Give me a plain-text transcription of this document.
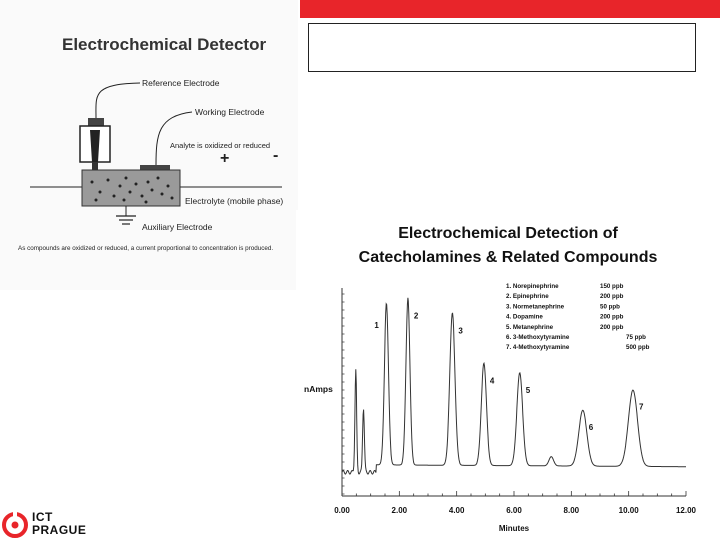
Electrochemical Detector
Reference Electrode
Working Electrode
Analyte is oxidized or reduced
+	-
Electrolyte (mobile phase)
Auxiliary Electrode
As compounds are oxidized or reduced, a current proportional to concentration is produced.
Electrochemical Detection of
Catecholamines & Related Compounds
1. Norepinephrine	150 ppb
2. Epinephrine	200 ppb
3. Normetanephrine	50 ppb
4. Dopamine	200 ppb
5. Metanephrine	200 ppb
6. 3-Methoxytyramine	75 ppb
7. 4-Methoxytyramine	500 ppb
0.00	2.00	4.00	6.00	8.00	10.00	12.00
1
2
3
4
5
6
7
nAmps
Minutes
ICT
PRAGUE
